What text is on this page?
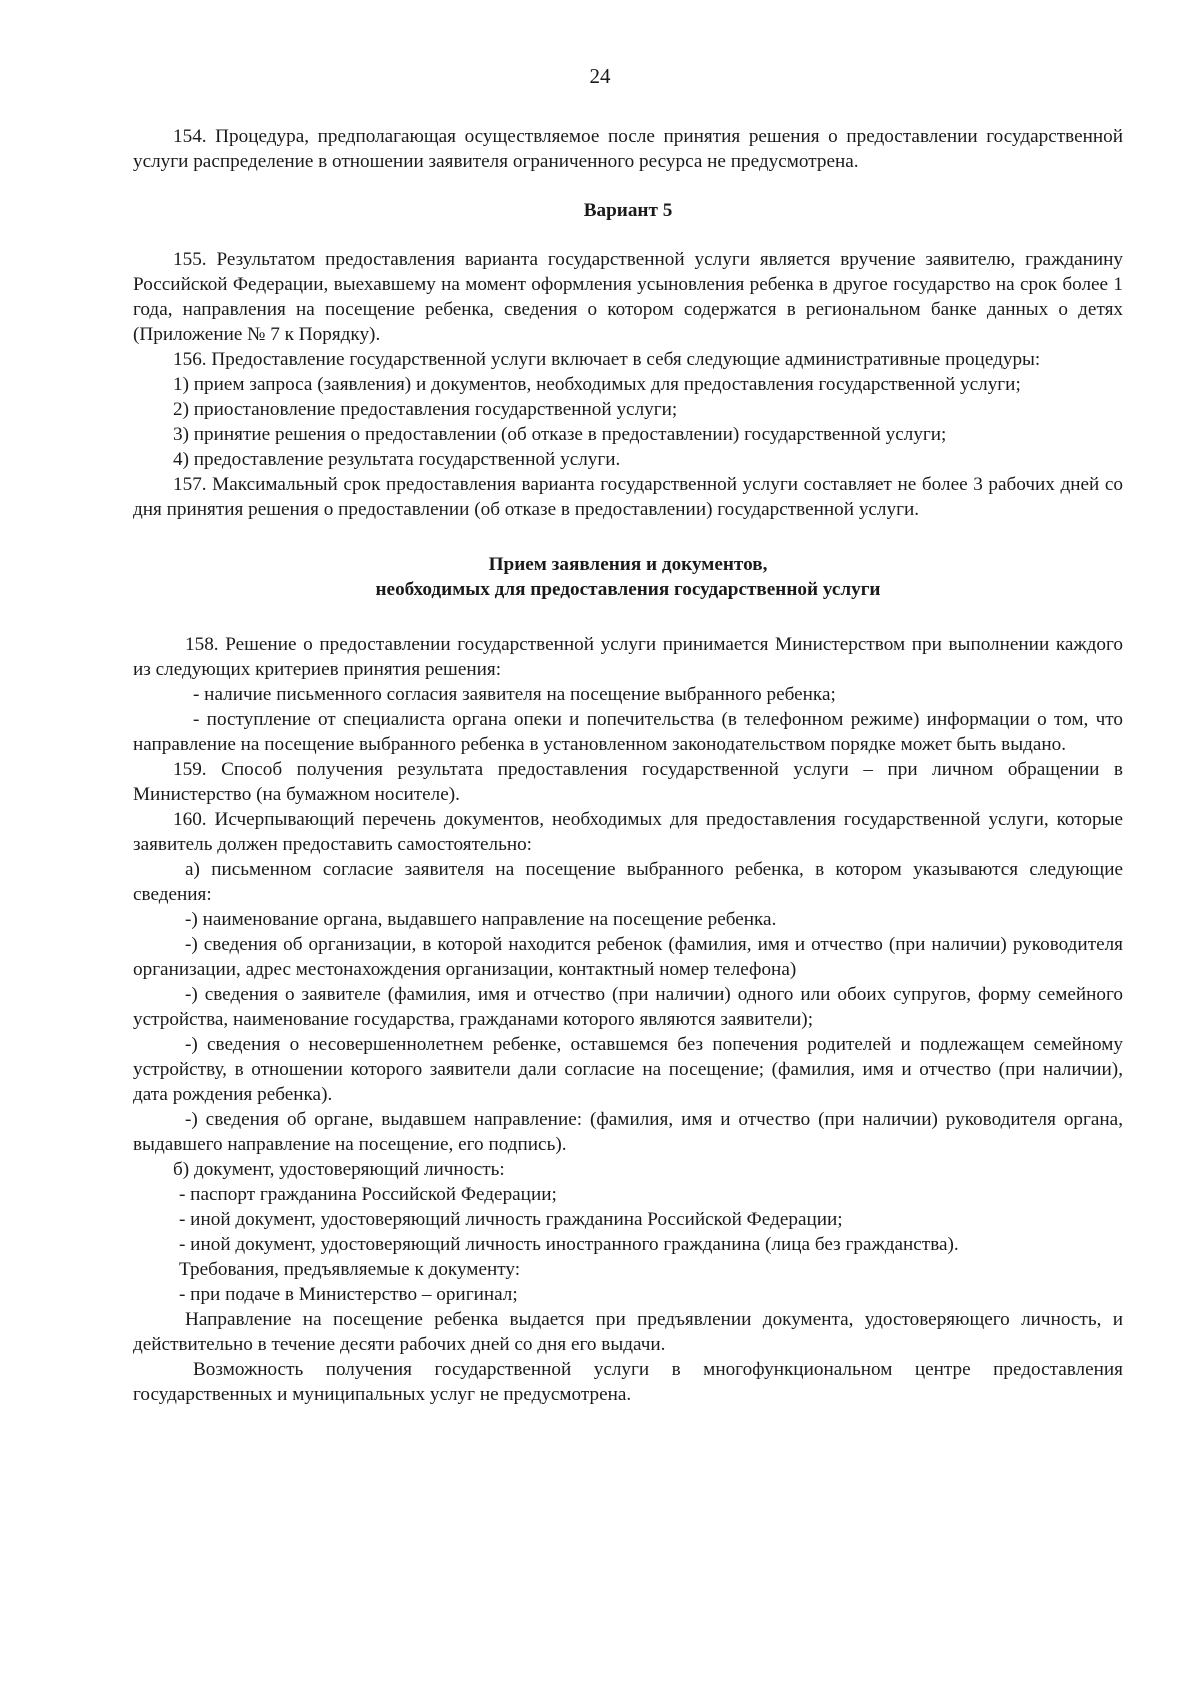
24

154. Процедура, предполагающая осуществляемое после принятия решения о предоставлении государственной услуги распределение в отношении заявителя ограниченного ресурса не предусмотрена.

Вариант 5

155. Результатом предоставления варианта государственной услуги является вручение заявителю, гражданину Российской Федерации, выехавшему на момент оформления усыновления ребенка в другое государство на срок более 1 года, направления на посещение ребенка, сведения о котором содержатся в региональном банке данных о детях (Приложение № 7 к Порядку).

156. Предоставление государственной услуги включает в себя следующие административные процедуры:

1) прием запроса (заявления) и документов, необходимых для предоставления государственной услуги;

2) приостановление предоставления государственной услуги;

3) принятие решения о предоставлении (об отказе в предоставлении) государственной услуги;

4) предоставление результата государственной услуги.

157. Максимальный срок предоставления варианта государственной услуги составляет не более 3 рабочих дней со дня принятия решения о предоставлении (об отказе в предоставлении) государственной услуги.

Прием заявления и документов,

необходимых для предоставления государственной услуги

158. Решение о предоставлении государственной услуги принимается Министерством при выполнении каждого из следующих критериев принятия решения:

- наличие письменного согласия заявителя на посещение выбранного ребенка;

- поступление от специалиста органа опеки и попечительства (в телефонном режиме) информации о том, что направление на посещение выбранного ребенка в установленном законодательством порядке может быть выдано.

159. Способ получения результата предоставления государственной услуги – при личном обращении в Министерство (на бумажном носителе).

160. Исчерпывающий перечень документов, необходимых для предоставления государственной услуги, которые заявитель должен предоставить самостоятельно:

а) письменном согласие заявителя на посещение выбранного ребенка, в котором указываются следующие сведения:

-) наименование органа, выдавшего направление на посещение ребенка.

-) сведения об организации, в которой находится ребенок (фамилия, имя и отчество (при наличии) руководителя организации, адрес местонахождения организации, контактный номер телефона)

-) сведения о заявителе (фамилия, имя и отчество (при наличии) одного или обоих супругов, форму семейного устройства, наименование государства, гражданами которого являются заявители);

-) сведения о несовершеннолетнем ребенке, оставшемся без попечения родителей и подлежащем семейному устройству, в отношении которого заявители дали согласие на посещение; (фамилия, имя и отчество (при наличии), дата рождения ребенка).

-) сведения об органе, выдавшем направление: (фамилия, имя и отчество (при наличии) руководителя органа, выдавшего направление на посещение, его подпись).

б) документ, удостоверяющий личность:

- паспорт гражданина Российской Федерации;

- иной документ, удостоверяющий личность гражданина Российской Федерации;

- иной документ, удостоверяющий личность иностранного гражданина (лица без гражданства).

Требования, предъявляемые к документу:

- при подаче в Министерство – оригинал;

Направление на посещение ребенка выдается при предъявлении документа, удостоверяющего личность, и действительно в течение десяти рабочих дней со дня его выдачи.

Возможность получения государственной услуги в многофункциональном центре предоставления государственных и муниципальных услуг не предусмотрена.
